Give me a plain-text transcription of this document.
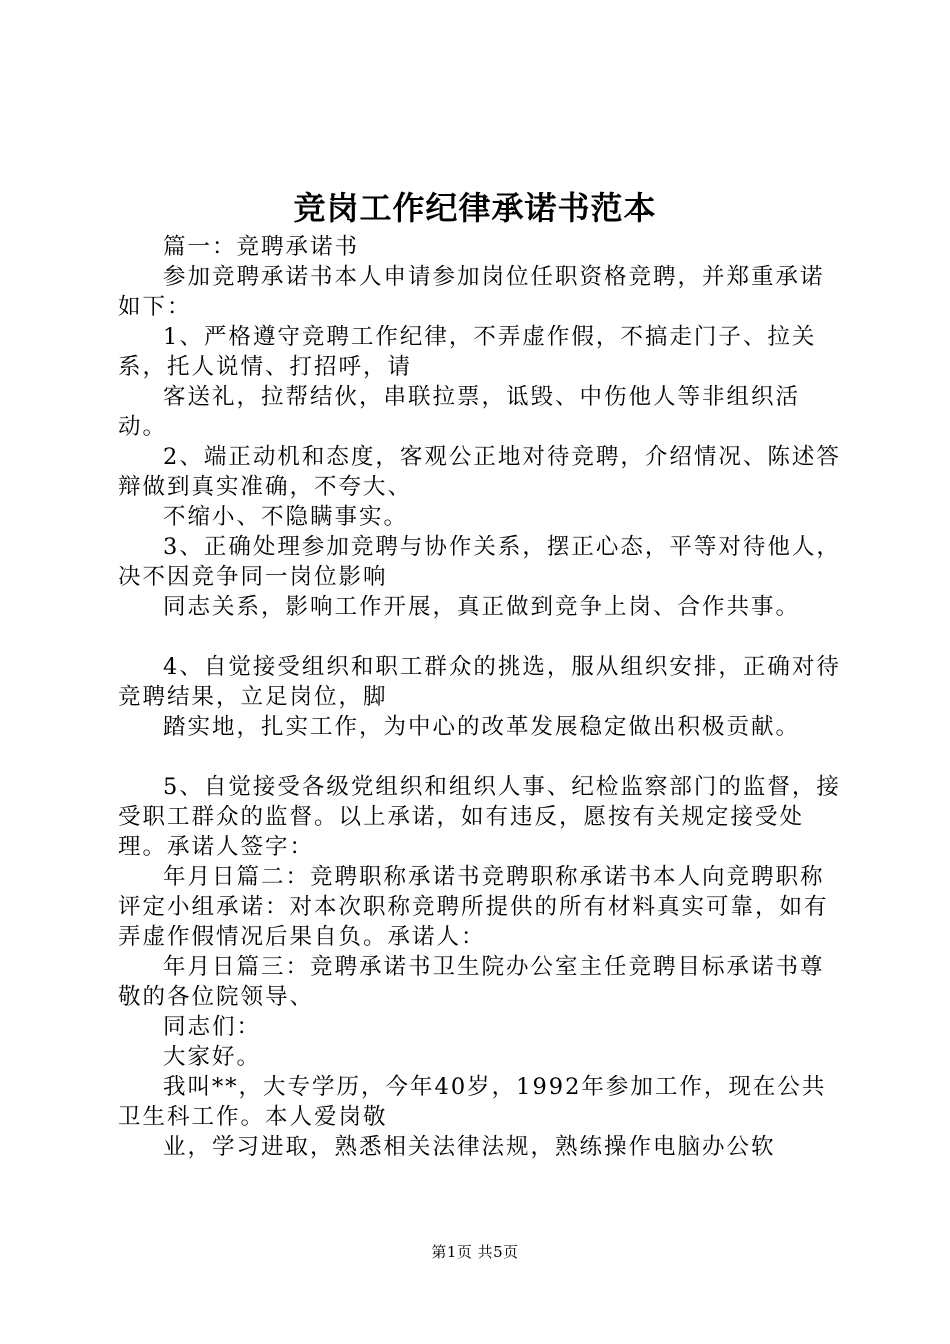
竞岗工作纪律承诺书范本

篇一：竞聘承诺书

参加竞聘承诺书本人申请参加岗位任职资格竞聘，并郑重承诺如下：

1、严格遵守竞聘工作纪律，不弄虚作假，不搞走门子、拉关系，托人说情、打招呼，请

客送礼，拉帮结伙，串联拉票，诋毁、中伤他人等非组织活动。

2、端正动机和态度，客观公正地对待竞聘，介绍情况、陈述答辩做到真实准确，不夸大、

不缩小、不隐瞒事实。

3、正确处理参加竞聘与协作关系，摆正心态，平等对待他人，决不因竞争同一岗位影响

同志关系，影响工作开展，真正做到竞争上岗、合作共事。

4、自觉接受组织和职工群众的挑选，服从组织安排，正确对待竞聘结果，立足岗位，脚

踏实地，扎实工作，为中心的改革发展稳定做出积极贡献。

5、自觉接受各级党组织和组织人事、纪检监察部门的监督，接受职工群众的监督。以上承诺，如有违反，愿按有关规定接受处理。承诺人签字：

年月日篇二：竞聘职称承诺书竞聘职称承诺书本人向竞聘职称评定小组承诺：对本次职称竞聘所提供的所有材料真实可靠，如有弄虚作假情况后果自负。承诺人：

年月日篇三：竞聘承诺书卫生院办公室主任竞聘目标承诺书尊敬的各位院领导、

同志们：

大家好。

我叫**，大专学历，今年40岁，1992年参加工作，现在公共卫生科工作。本人爱岗敬

业，学习进取，熟悉相关法律法规，熟练操作电脑办公软

第1页 共5页
